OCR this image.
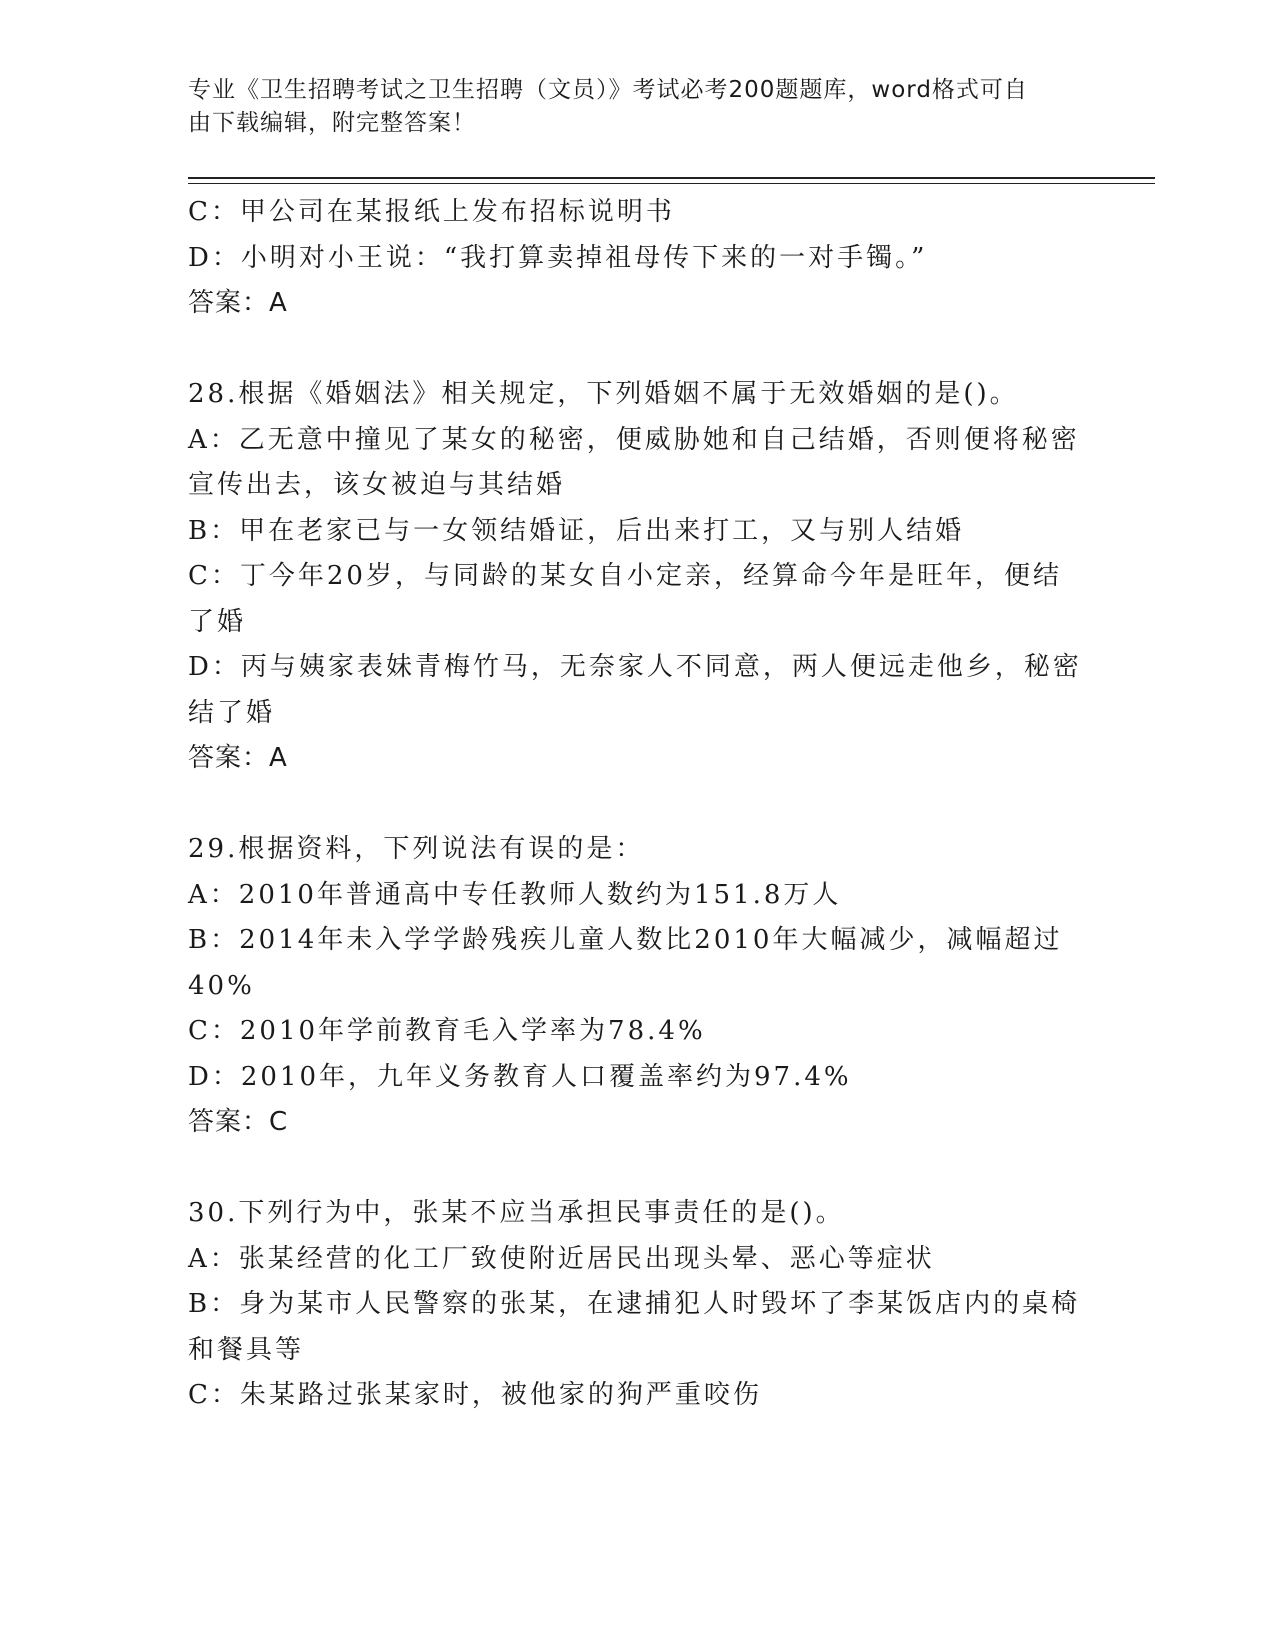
专业《卫生招聘考试之卫生招聘（文员）》考试必考200题题库，word格式可自
由下载编辑，附完整答案！
C：甲公司在某报纸上发布招标说明书
D：小明对小王说：“我打算卖掉祖母传下来的一对手镯。”
答案：A
28.根据《婚姻法》相关规定，下列婚姻不属于无效婚姻的是()。
A：乙无意中撞见了某女的秘密，便威胁她和自己结婚，否则便将秘密
宣传出去，该女被迫与其结婚
B：甲在老家已与一女领结婚证，后出来打工，又与别人结婚
C：丁今年20岁，与同龄的某女自小定亲，经算命今年是旺年，便结
了婚
D：丙与姨家表妹青梅竹马，无奈家人不同意，两人便远走他乡，秘密
结了婚
答案：A
29.根据资料，下列说法有误的是：
A：2010年普通高中专任教师人数约为151.8万人
B：2014年未入学学龄残疾儿童人数比2010年大幅减少，减幅超过
40%
C：2010年学前教育毛入学率为78.4%
D：2010年，九年义务教育人口覆盖率约为97.4%
答案：C
30.下列行为中，张某不应当承担民事责任的是()。
A：张某经营的化工厂致使附近居民出现头晕、恶心等症状
B：身为某市人民警察的张某，在逮捕犯人时毁坏了李某饭店内的桌椅
和餐具等
C：朱某路过张某家时，被他家的狗严重咬伤
